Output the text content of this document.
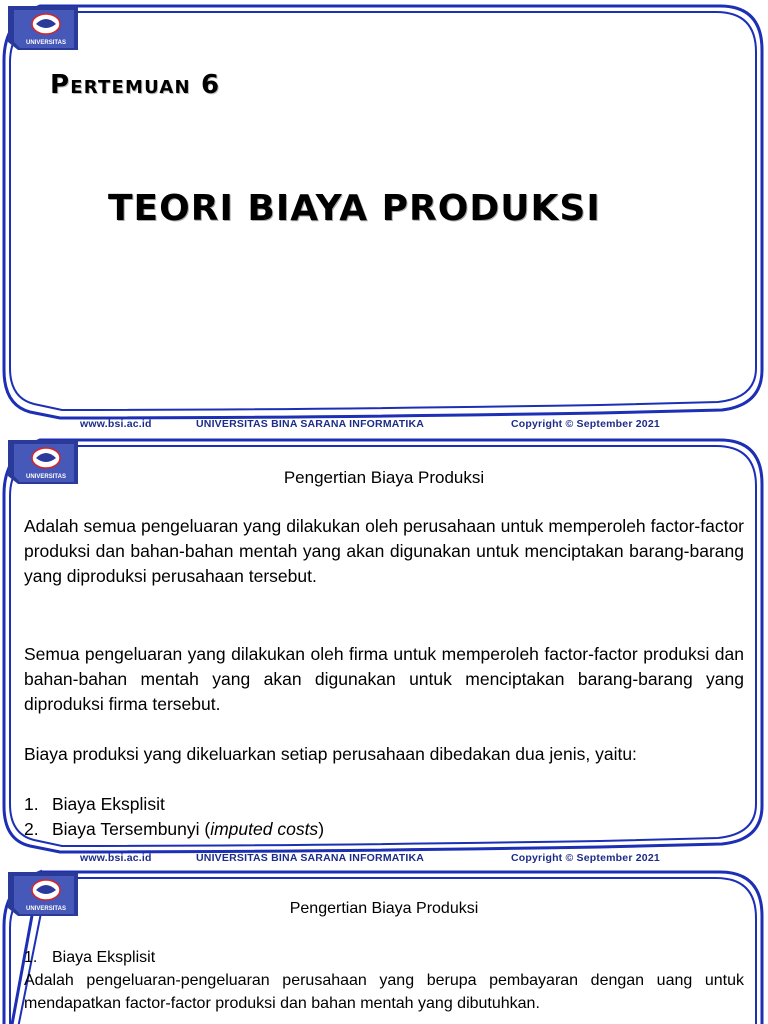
UNIVERSITAS
Pertemuan 6
TEORI BIAYA PRODUKSI
www.bsi.ac.id	UNIVERSITAS BINA SARANA INFORMATIKA	Copyright © September 2021
UNIVERSITAS	Pengertian Biaya Produksi

Adalah semua pengeluaran yang dilakukan oleh perusahaan untuk memperoleh factor-factor produksi dan bahan-bahan mentah yang akan digunakan untuk menciptakan barang-barang yang diproduksi perusahaan tersebut.

Semua pengeluaran yang dilakukan oleh firma untuk memperoleh factor-factor produksi dan bahan-bahan mentah yang akan digunakan untuk menciptakan barang-barang yang diproduksi firma tersebut.

Biaya produksi yang dikeluarkan setiap perusahaan dibedakan dua jenis, yaitu:

1. Biaya Eksplisit
2. Biaya Tersembunyi (imputed costs)
www.bsi.ac.id	UNIVERSITAS BINA SARANA INFORMATIKA	Copyright © September 2021
UNIVERSITAS	Pengertian Biaya Produksi
1. Biaya Eksplisit

Adalah pengeluaran-pengeluaran perusahaan yang berupa pembayaran dengan uang untuk mendapatkan factor-factor produksi dan bahan mentah yang dibutuhkan.
